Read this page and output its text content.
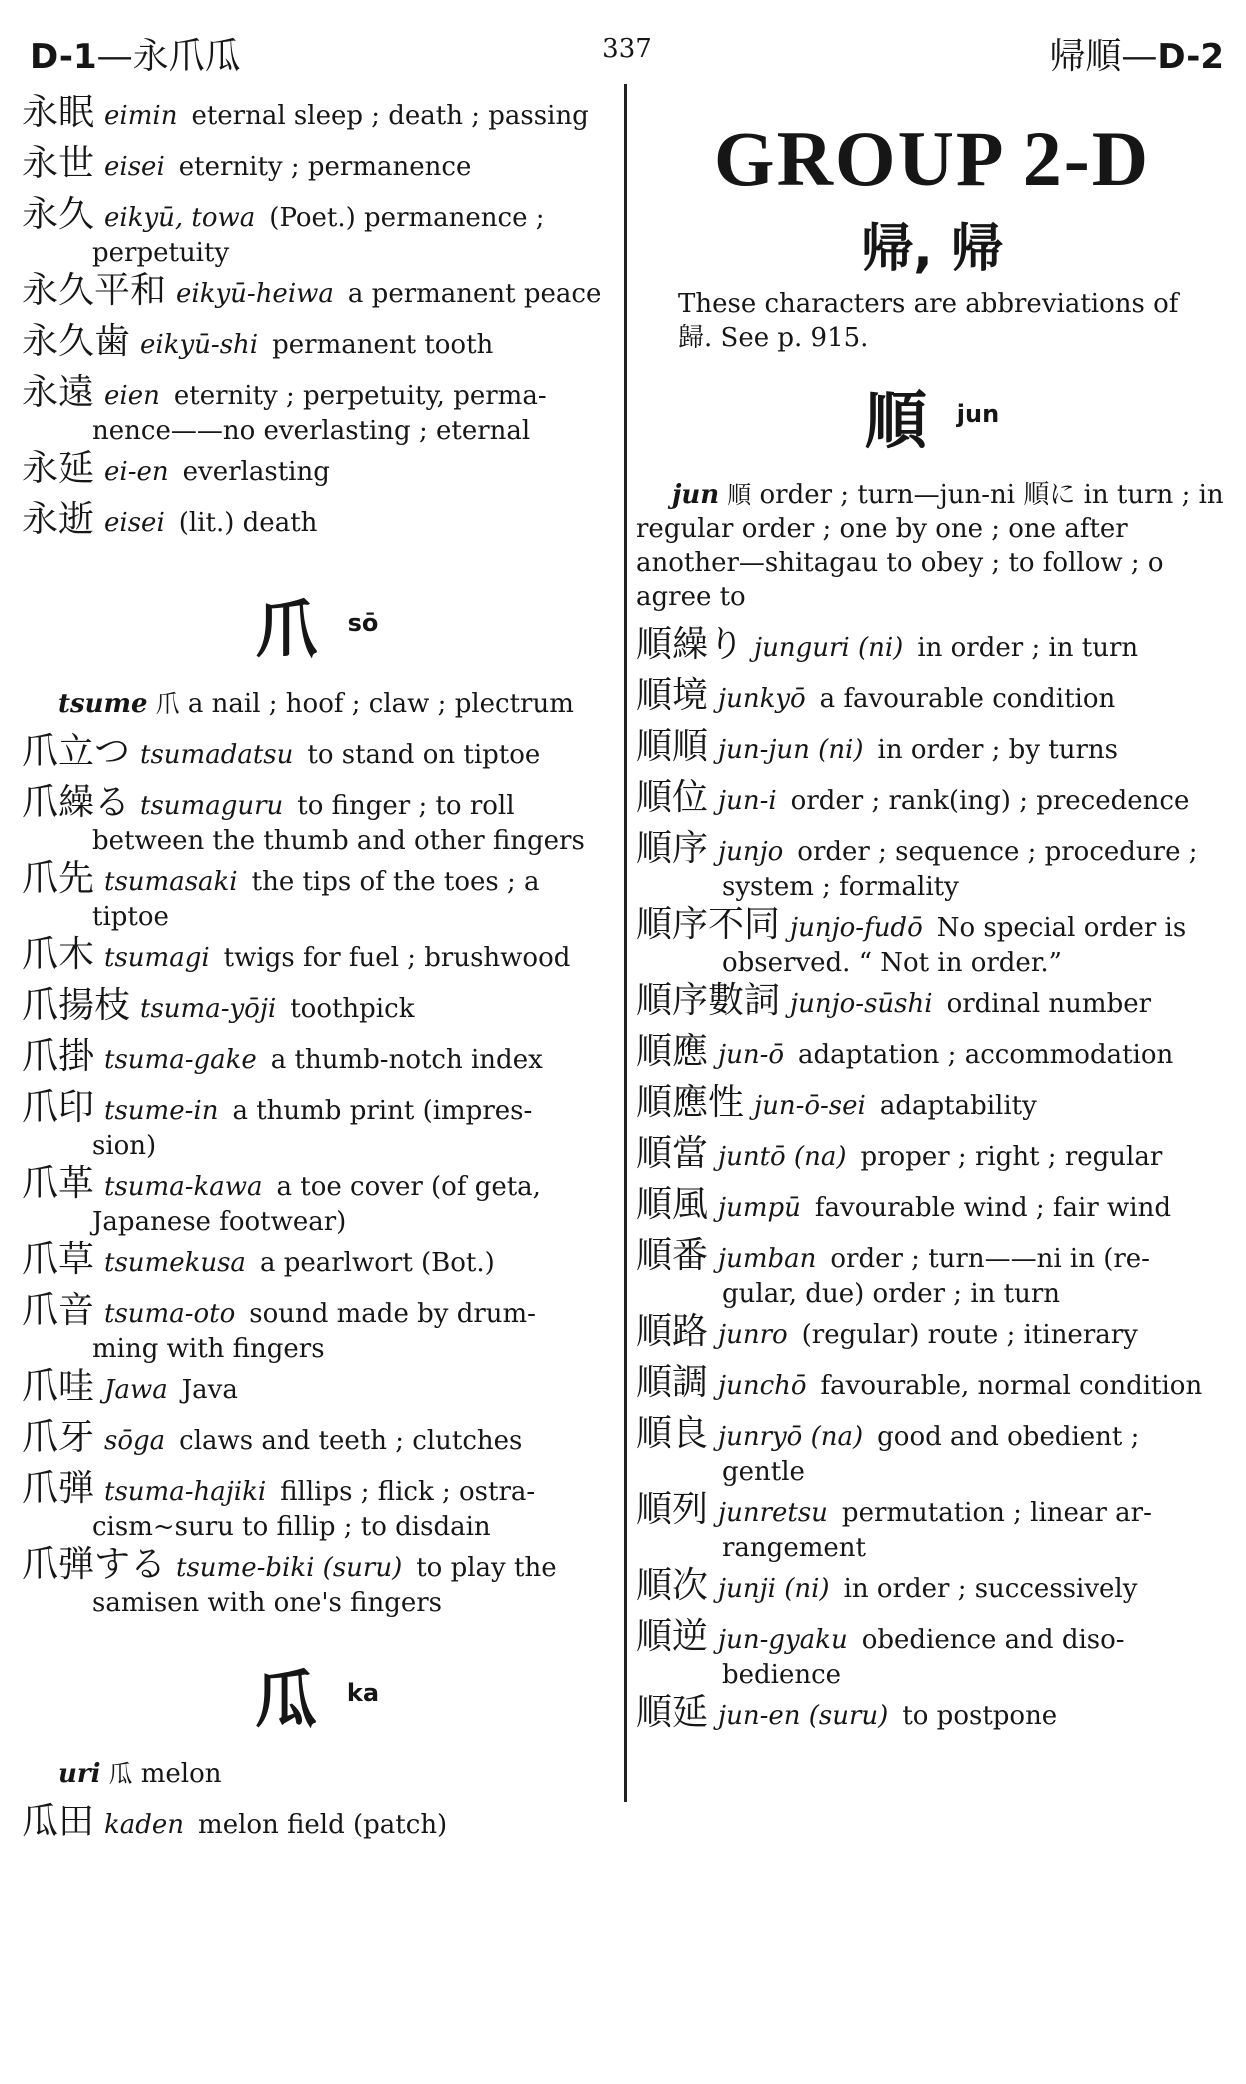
D-1—永爪瓜	337	帰順—D-2
永眠 eimin eternal sleep ; death ; passing
永世 eisei eternity ; permanence
永久 eikyū, towa (Poet.) permanence ;
perpetuity
永久平和 eikyū-heiwa a permanent peace
永久歯 eikyū-shi permanent tooth
永遠 eien eternity ; perpetuity, perma-
nence——no everlasting ; eternal
永延 ei-en everlasting
永逝 eisei (lit.) death
爪 sō
tsume 爪 a nail ; hoof ; claw ; plectrum
爪立つ tsumadatsu to stand on tiptoe
爪繰る tsumaguru to finger ; to roll
between the thumb and other fingers
爪先 tsumasaki the tips of the toes ; a
tiptoe
爪木 tsumagi twigs for fuel ; brushwood
爪揚枝 tsuma-yōji toothpick
爪掛 tsuma-gake a thumb-notch index
爪印 tsume-in a thumb print (impres-
sion)
爪革 tsuma-kawa a toe cover (of geta,
Japanese footwear)
爪草 tsumekusa a pearlwort (Bot.)
爪音 tsuma-oto sound made by drum-
ming with fingers
爪哇 Jawa Java
爪牙 sōga claws and teeth ; clutches
爪弾 tsuma-hajiki fillips ; flick ; ostra-
cism~suru to fillip ; to disdain
爪弾する tsume-biki (suru) to play the
samisen with one's fingers
瓜 ka
uri 瓜 melon
瓜田 kaden melon field (patch)
GROUP 2-D
帰, 帰
These characters are abbreviations of 歸. See p. 915.
順 jun
jun 順 order ; turn—jun-ni 順に in turn ; in regular order ; one by one ; one after another—shitagau to obey ; to follow ; o agree to
順繰り junguri (ni) in order ; in turn
順境 junkyō a favourable condition
順順 jun-jun (ni) in order ; by turns
順位 jun-i order ; rank(ing) ; precedence
順序 junjo order ; sequence ; procedure ;
system ; formality
順序不同 junjo-fudō No special order is
observed. “ Not in order.”
順序數詞 junjo-sūshi ordinal number
順應 jun-ō adaptation ; accommodation
順應性 jun-ō-sei adaptability
順當 juntō (na) proper ; right ; regular
順風 jumpū favourable wind ; fair wind
順番 jumban order ; turn——ni in (re-
gular, due) order ; in turn
順路 junro (regular) route ; itinerary
順調 junchō favourable, normal condition
順良 junryō (na) good and obedient ;
gentle
順列 junretsu permutation ; linear ar-
rangement
順次 junji (ni) in order ; successively
順逆 jun-gyaku obedience and diso-
bedience
順延 jun-en (suru) to postpone
